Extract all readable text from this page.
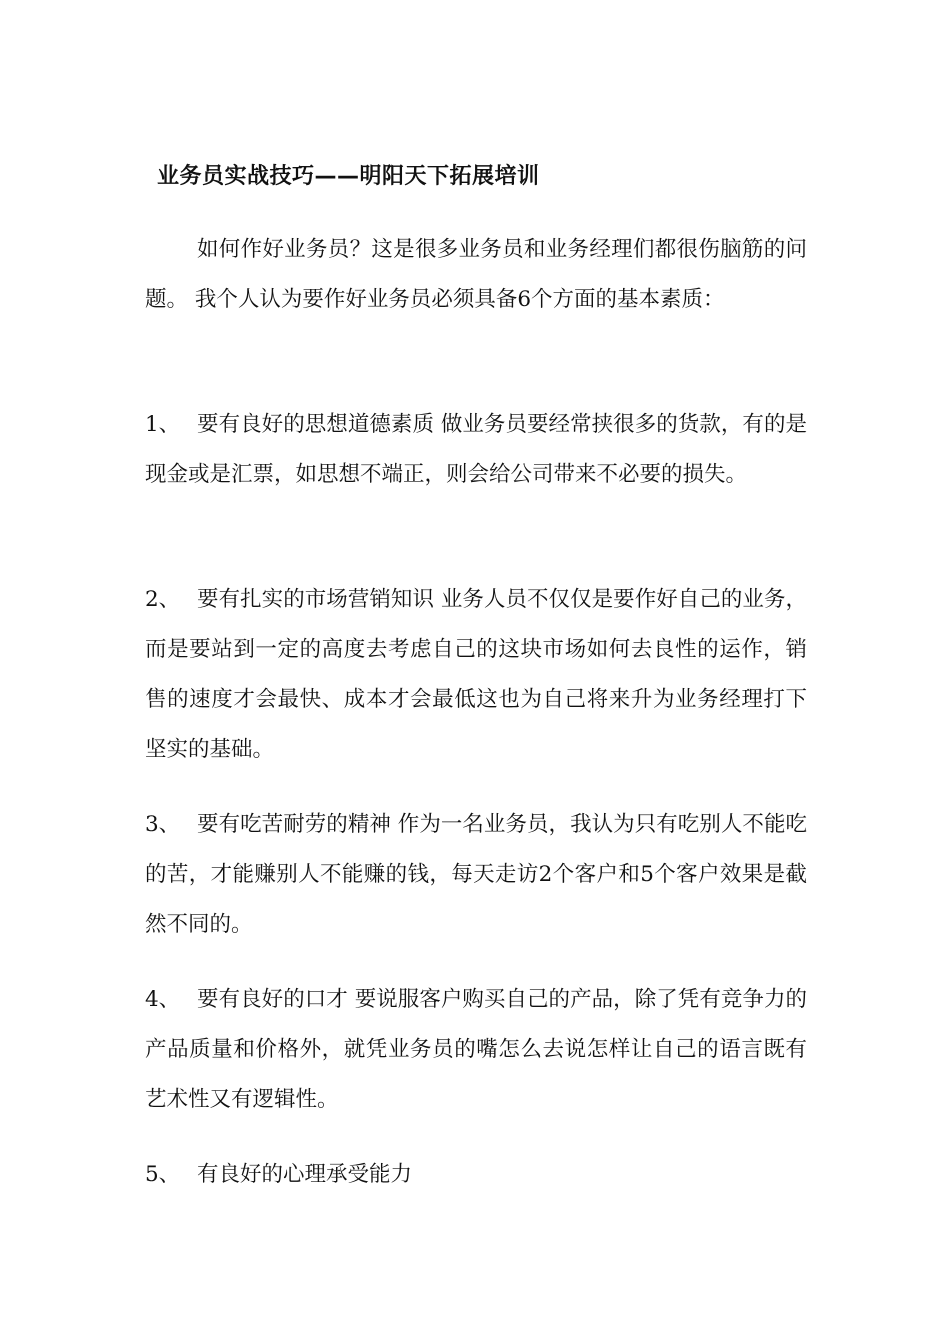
业务员实战技巧——明阳天下拓展培训

如何作好业务员？这是很多业务员和业务经理们都很伤脑筋的问题。 我个人认为要作好业务员必须具备6个方面的基本素质：

1、 要有良好的思想道德素质 做业务员要经常挟很多的货款，有的是现金或是汇票，如思想不端正，则会给公司带来不必要的损失。

2、 要有扎实的市场营销知识 业务人员不仅仅是要作好自己的业务，而是要站到一定的高度去考虑自己的这块市场如何去良性的运作，销售的速度才会最快、成本才会最低这也为自己将来升为业务经理打下坚实的基础。

3、 要有吃苦耐劳的精神 作为一名业务员，我认为只有吃别人不能吃的苦，才能赚别人不能赚的钱，每天走访2个客户和5个客户效果是截然不同的。

4、 要有良好的口才 要说服客户购买自己的产品，除了凭有竞争力的产品质量和价格外，就凭业务员的嘴怎么去说怎样让自己的语言既有艺术性又有逻辑性。

5、 有良好的心理承受能力
